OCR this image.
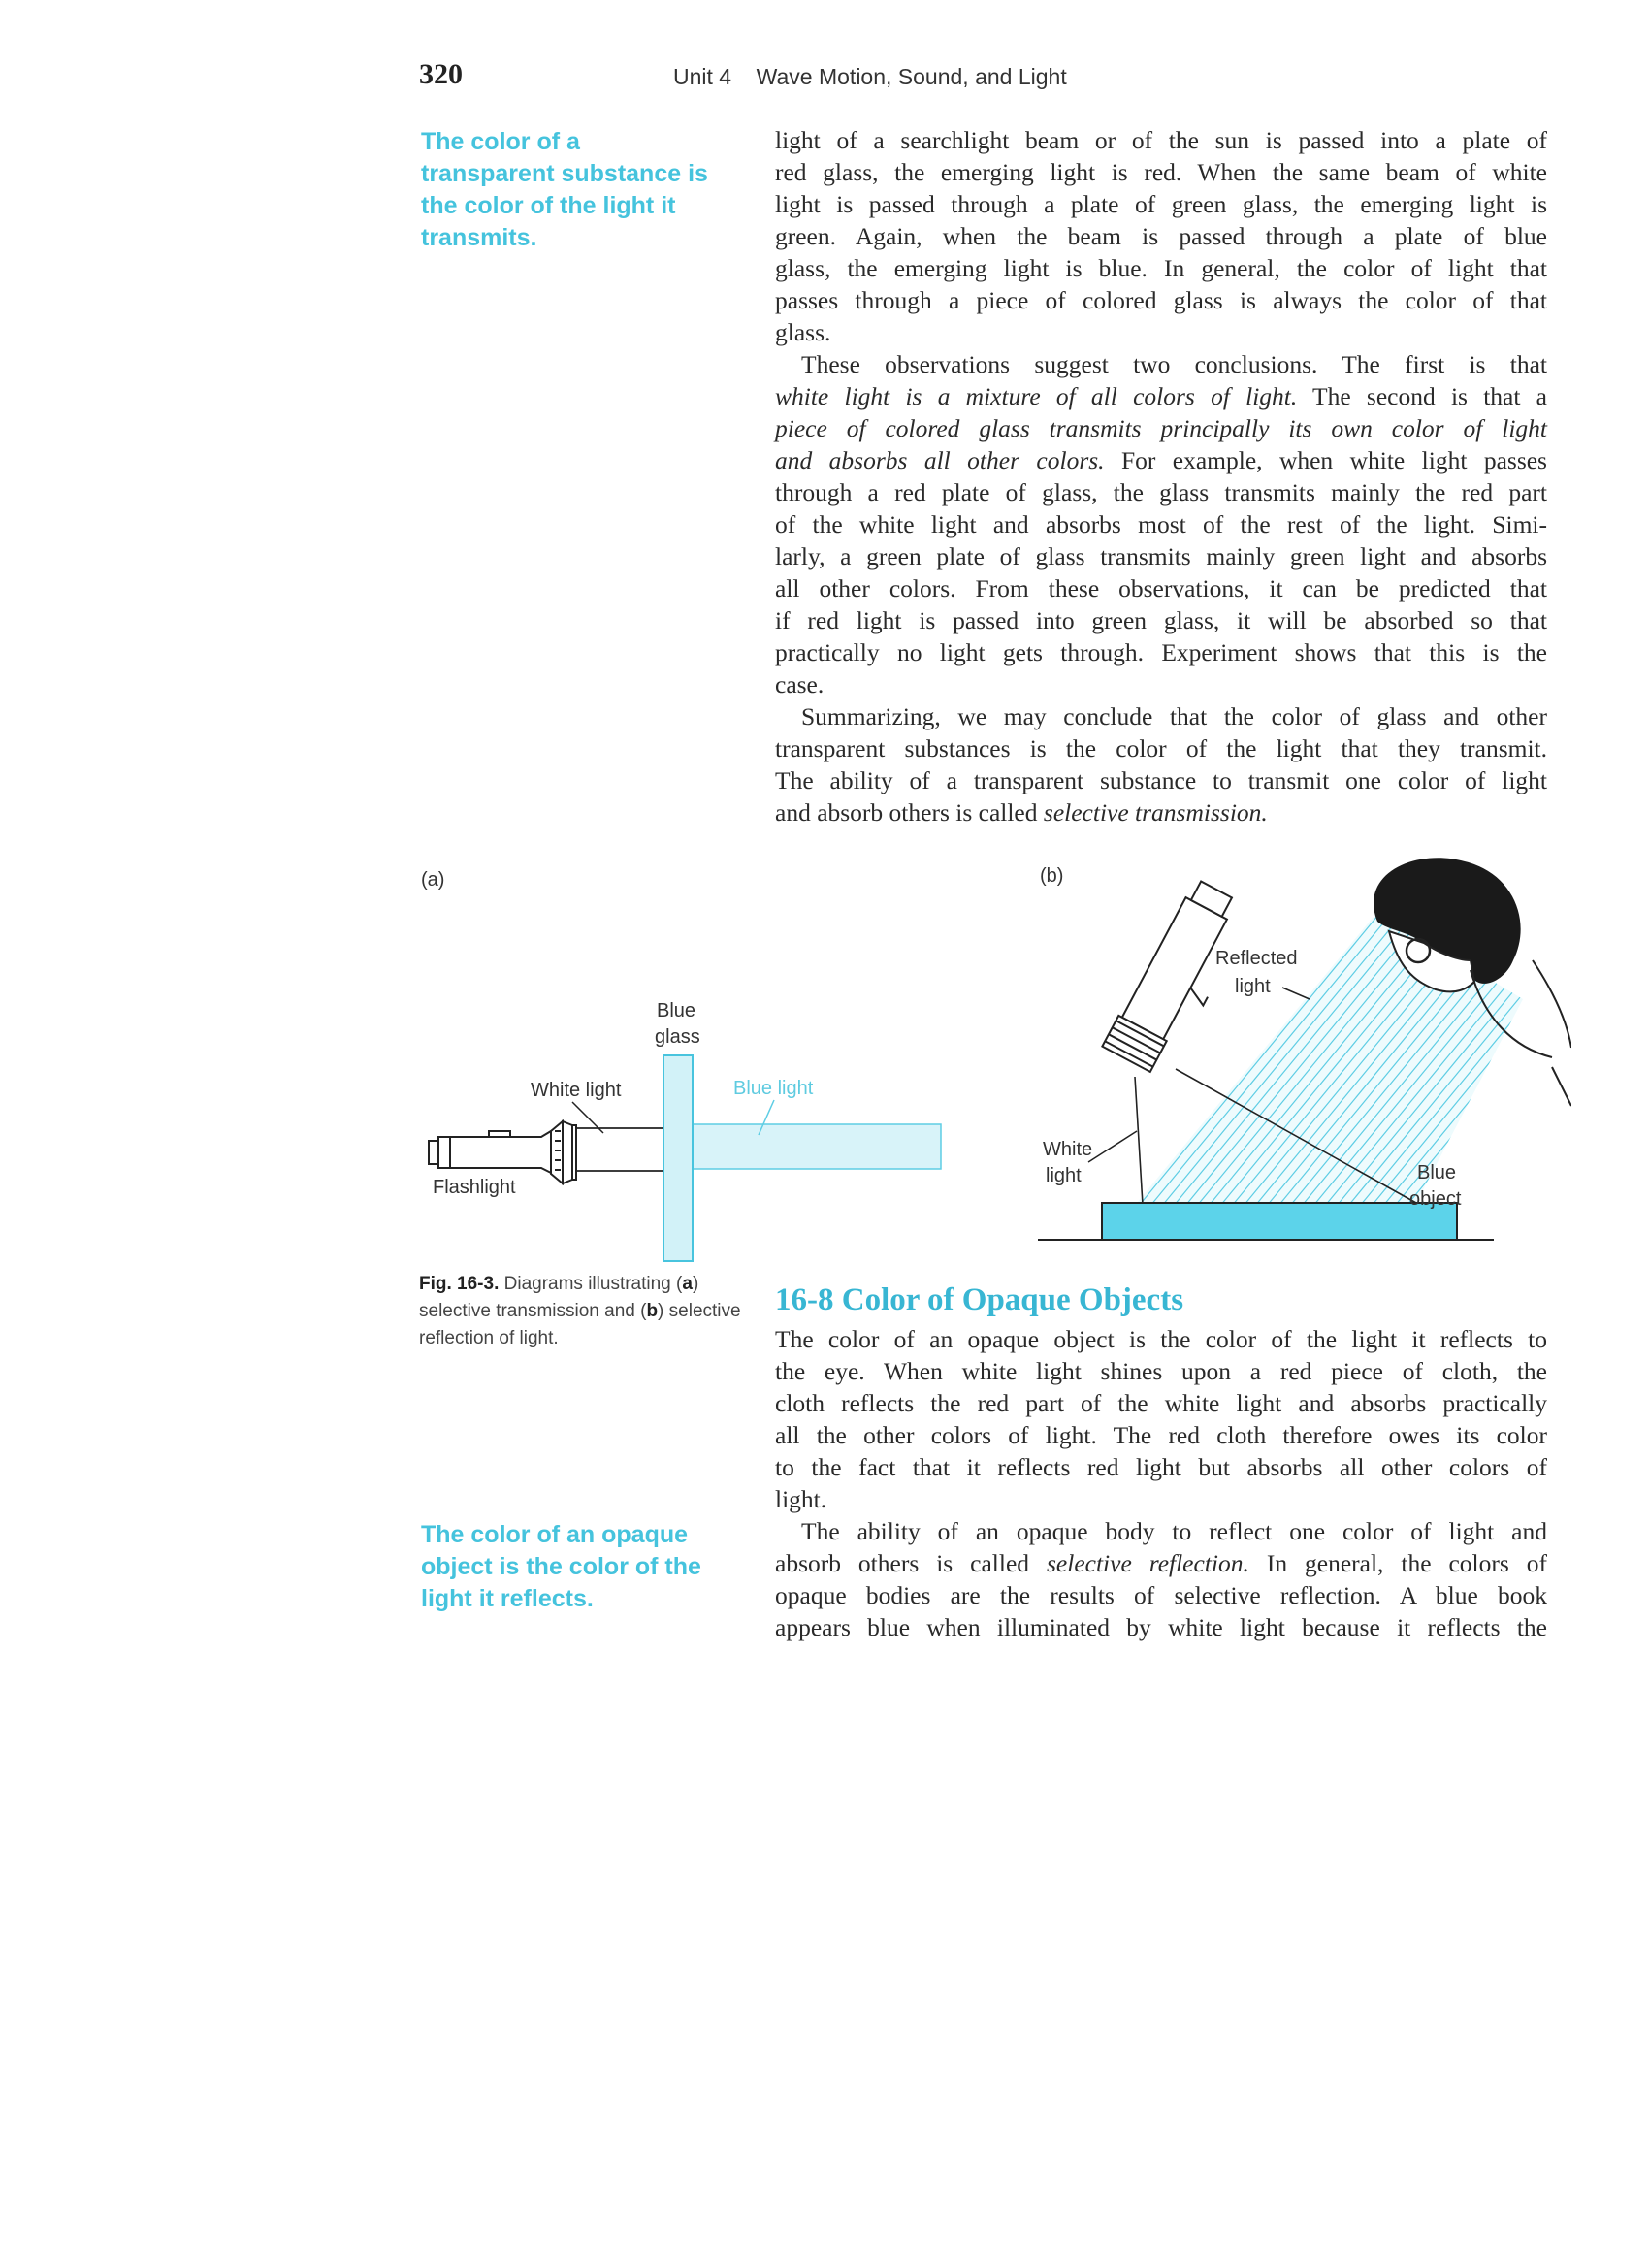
320	Unit 4    Wave Motion, Sound, and Light
The color of a
transparent substance is
the color of the light it
transmits.

light of a searchlight beam or of the sun is passed into a plate of
red glass, the emerging light is red. When the same beam of white
light is passed through a plate of green glass, the emerging light is
green. Again, when the beam is passed through a plate of blue
glass, the emerging light is blue. In general, the color of light that
passes through a piece of colored glass is always the color of that
glass.

These observations suggest two conclusions. The first is that
white light is a mixture of all colors of light. The second is that a
piece of colored glass transmits principally its own color of light
and absorbs all other colors. For example, when white light passes
through a red plate of glass, the glass transmits mainly the red part
of the white light and absorbs most of the rest of the light. Simi-
larly, a green plate of glass transmits mainly green light and absorbs
all other colors. From these observations, it can be predicted that
if red light is passed into green glass, it will be absorbed so that
practically no light gets through. Experiment shows that this is the
case.

Summarizing, we may conclude that the color of glass and other
transparent substances is the color of the light that they transmit.
The ability of a transparent substance to transmit one color of light
and absorb others is called selective transmission.

(a)	(b)
Blue
glass
White light	Blue light
Flashlight
Reflected
light
White
light	Blue
object
Fig. 16-3. Diagrams illustrating (a) selective transmission and (b) selective reflection of light.
16-8 Color of Opaque Objects

The color of an opaque object is the color of the light it reflects to
the eye. When white light shines upon a red piece of cloth, the
cloth reflects the red part of the white light and absorbs practically
all the other colors of light. The red cloth therefore owes its color
to the fact that it reflects red light but absorbs all other colors of
light.

The ability of an opaque body to reflect one color of light and
absorb others is called selective reflection. In general, the colors of
opaque bodies are the results of selective reflection. A blue book
appears blue when illuminated by white light because it reflects the

The color of an opaque
object is the color of the
light it reflects.
